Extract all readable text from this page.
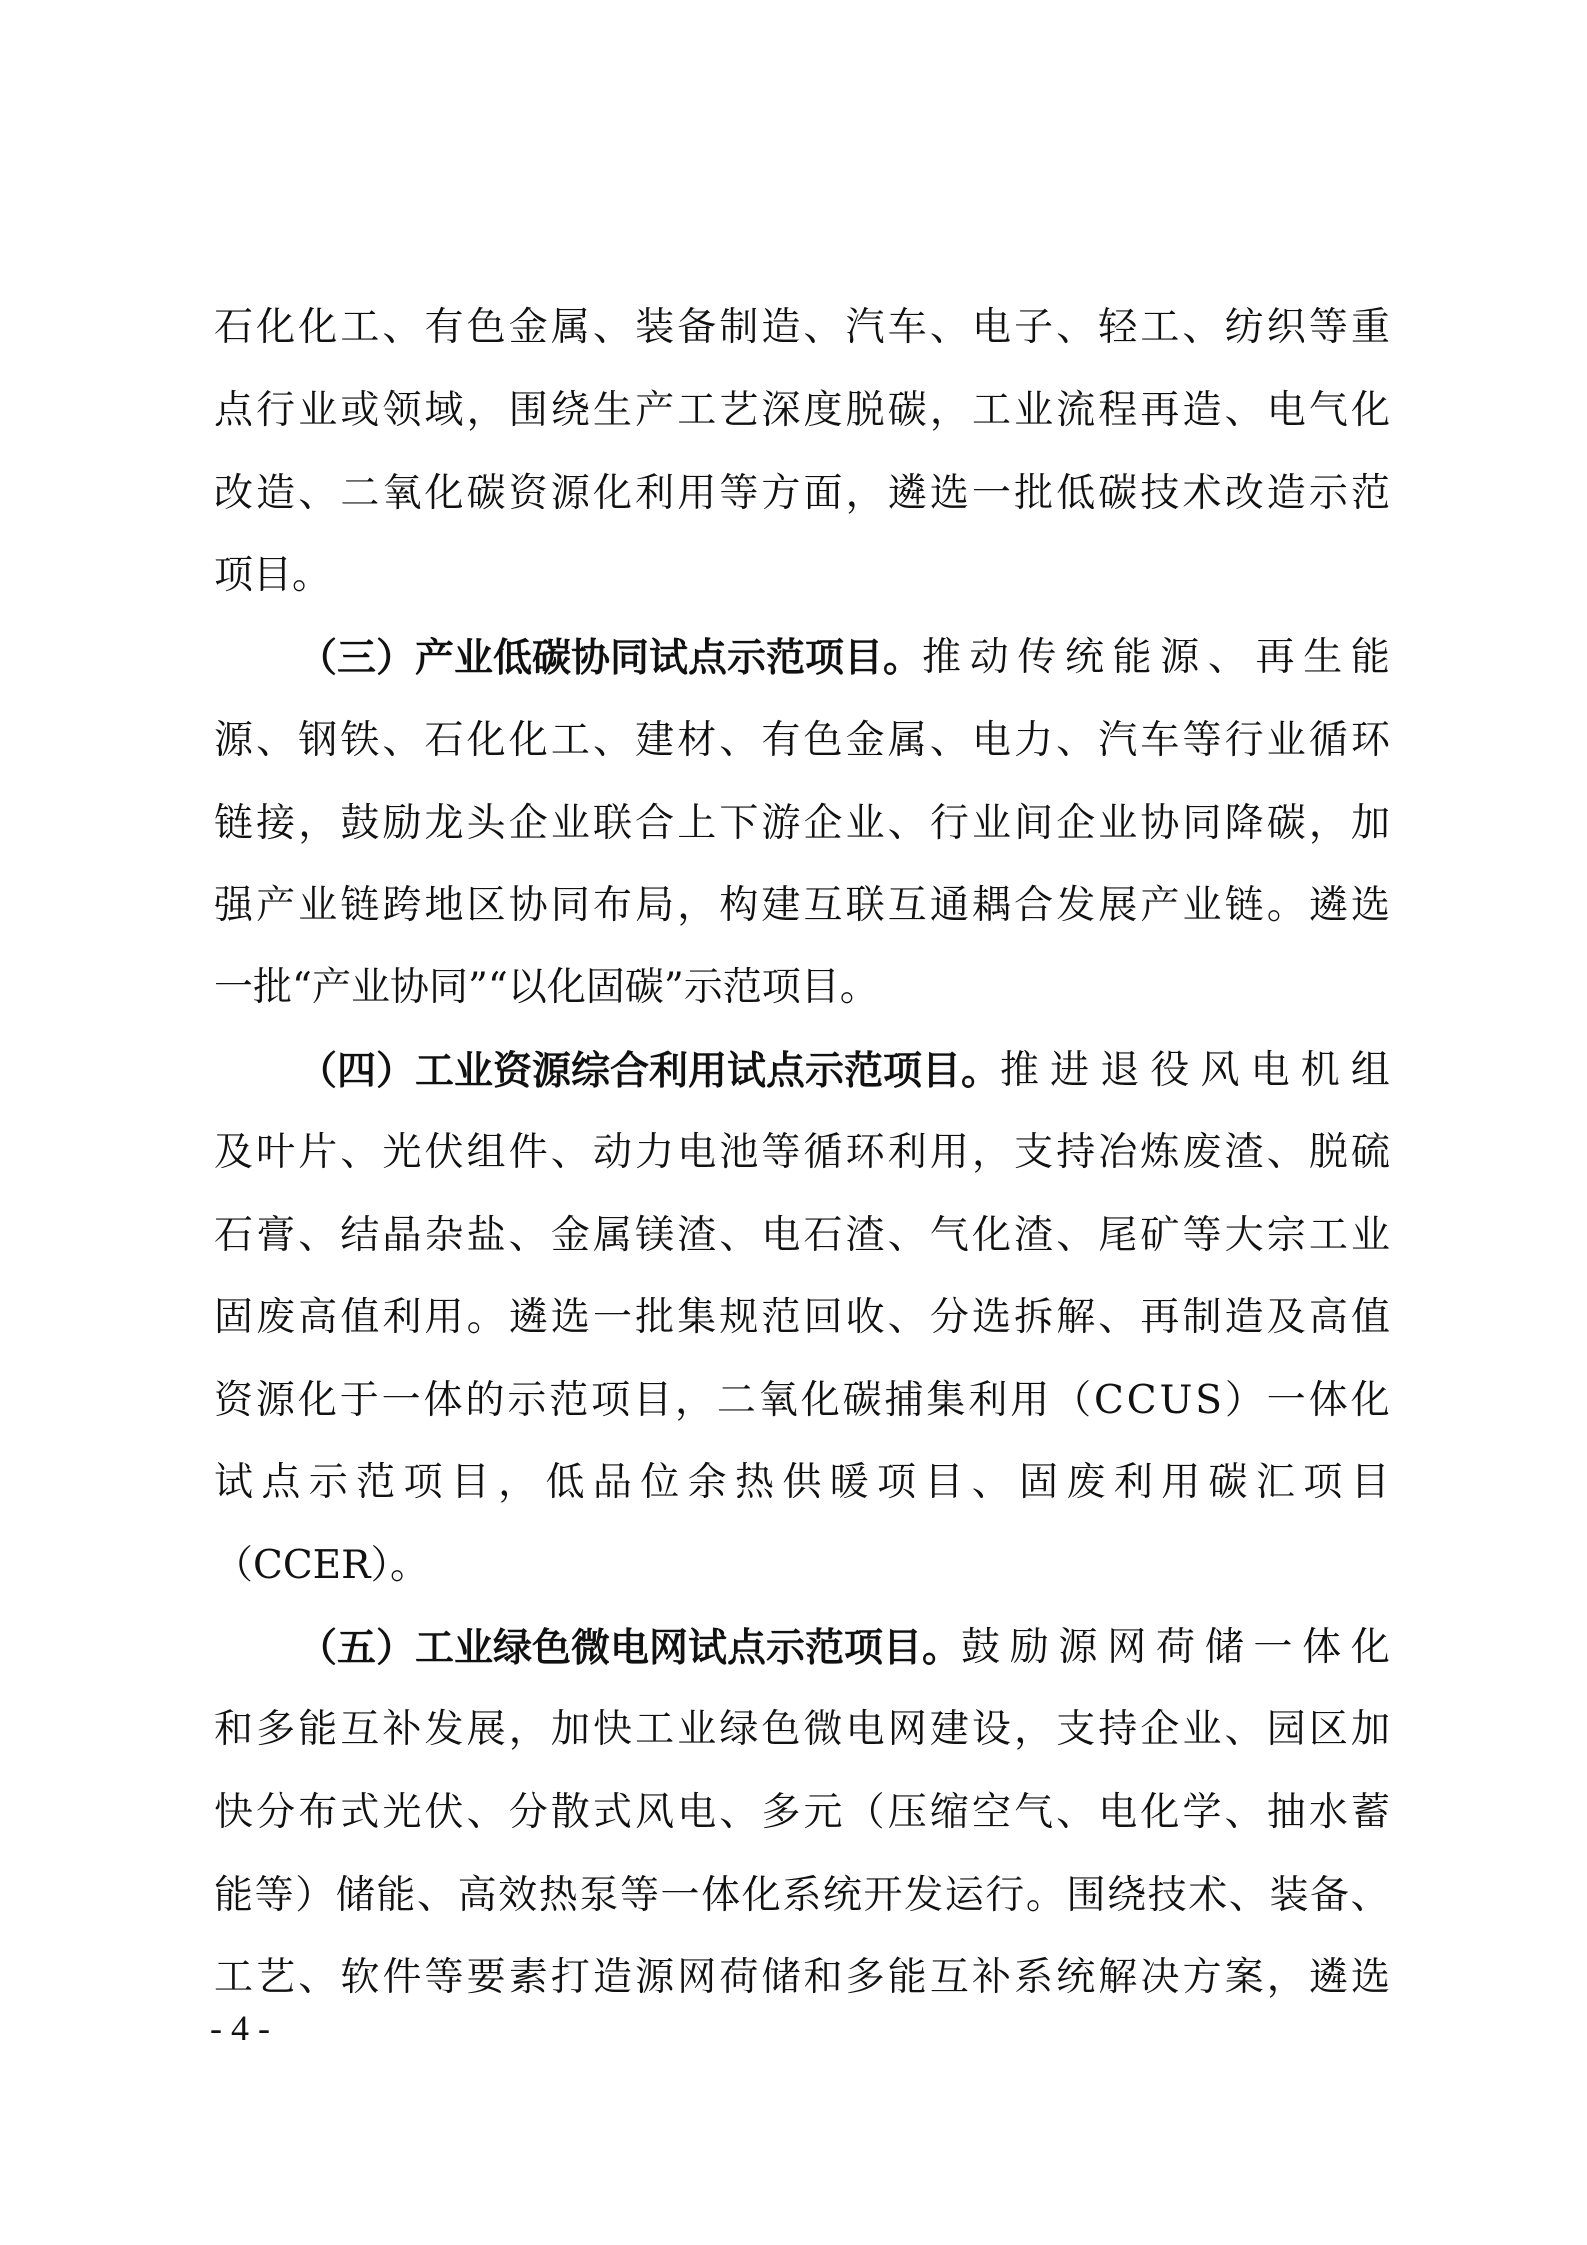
石 化 化 工 、 有 色 金 属 、 装 备 制 造 、 汽 车 、 电 子 、 轻 工 、 纺 织 等 重
点 行 业 或 领 域 ， 围 绕 生 产 工 艺 深 度 脱 碳 ， 工 业 流 程 再 造 、 电 气 化
改 造 、 二 氧 化 碳 资 源 化 利 用 等 方 面 ， 遴 选 一 批 低 碳 技 术 改 造 示 范
项目。
（三）产业低碳协同试点示范项目。 推 动 传 统 能 源 、 再 生 能
源 、 钢 铁 、 石 化 化 工 、 建 材 、 有 色 金 属 、 电 力 、 汽 车 等 行 业 循 环
链 接 ， 鼓 励 龙 头 企 业 联 合 上 下 游 企 业 、 行 业 间 企 业 协 同 降 碳 ， 加
强 产 业 链 跨 地 区 协 同 布 局 ， 构 建 互 联 互 通 耦 合 发 展 产 业 链 。 遴 选
一批“产业协同”“以化固碳”示范项目。
（四）工业资源综合利用试点示范项目。 推 进 退 役 风 电 机 组
及 叶 片 、 光 伏 组 件 、 动 力 电 池 等 循 环 利 用 ， 支 持 冶 炼 废 渣 、 脱 硫
石 膏 、 结 晶 杂 盐 、 金 属 镁 渣 、 电 石 渣 、 气 化 渣 、 尾 矿 等 大 宗 工 业
固 废 高 值 利 用 。 遴 选 一 批 集 规 范 回 收 、 分 选 拆 解 、 再 制 造 及 高 值
资 源 化 于 一 体 的 示 范 项 目 ， 二 氧 化 碳 捕 集 利 用 （ C C U S ） 一 体 化
试 点 示 范 项 目 ， 低 品 位 余 热 供 暖 项 目 、 固 废 利 用 碳 汇 项 目
（CCER）。
（五）工业绿色微电网试点示范项目。 鼓 励 源 网 荷 储 一 体 化
和 多 能 互 补 发 展 ， 加 快 工 业 绿 色 微 电 网 建 设 ， 支 持 企 业 、 园 区 加
快 分 布 式 光 伏 、 分 散 式 风 电 、 多 元 （ 压 缩 空 气 、 电 化 学 、 抽 水 蓄
能 等 ） 储 能 、 高 效 热 泵 等 一 体 化 系 统 开 发 运 行 。 围 绕 技 术 、 装 备 、
工 艺 、 软 件 等 要 素 打 造 源 网 荷 储 和 多 能 互 补 系 统 解 决 方 案 ， 遴 选
- 4 -
